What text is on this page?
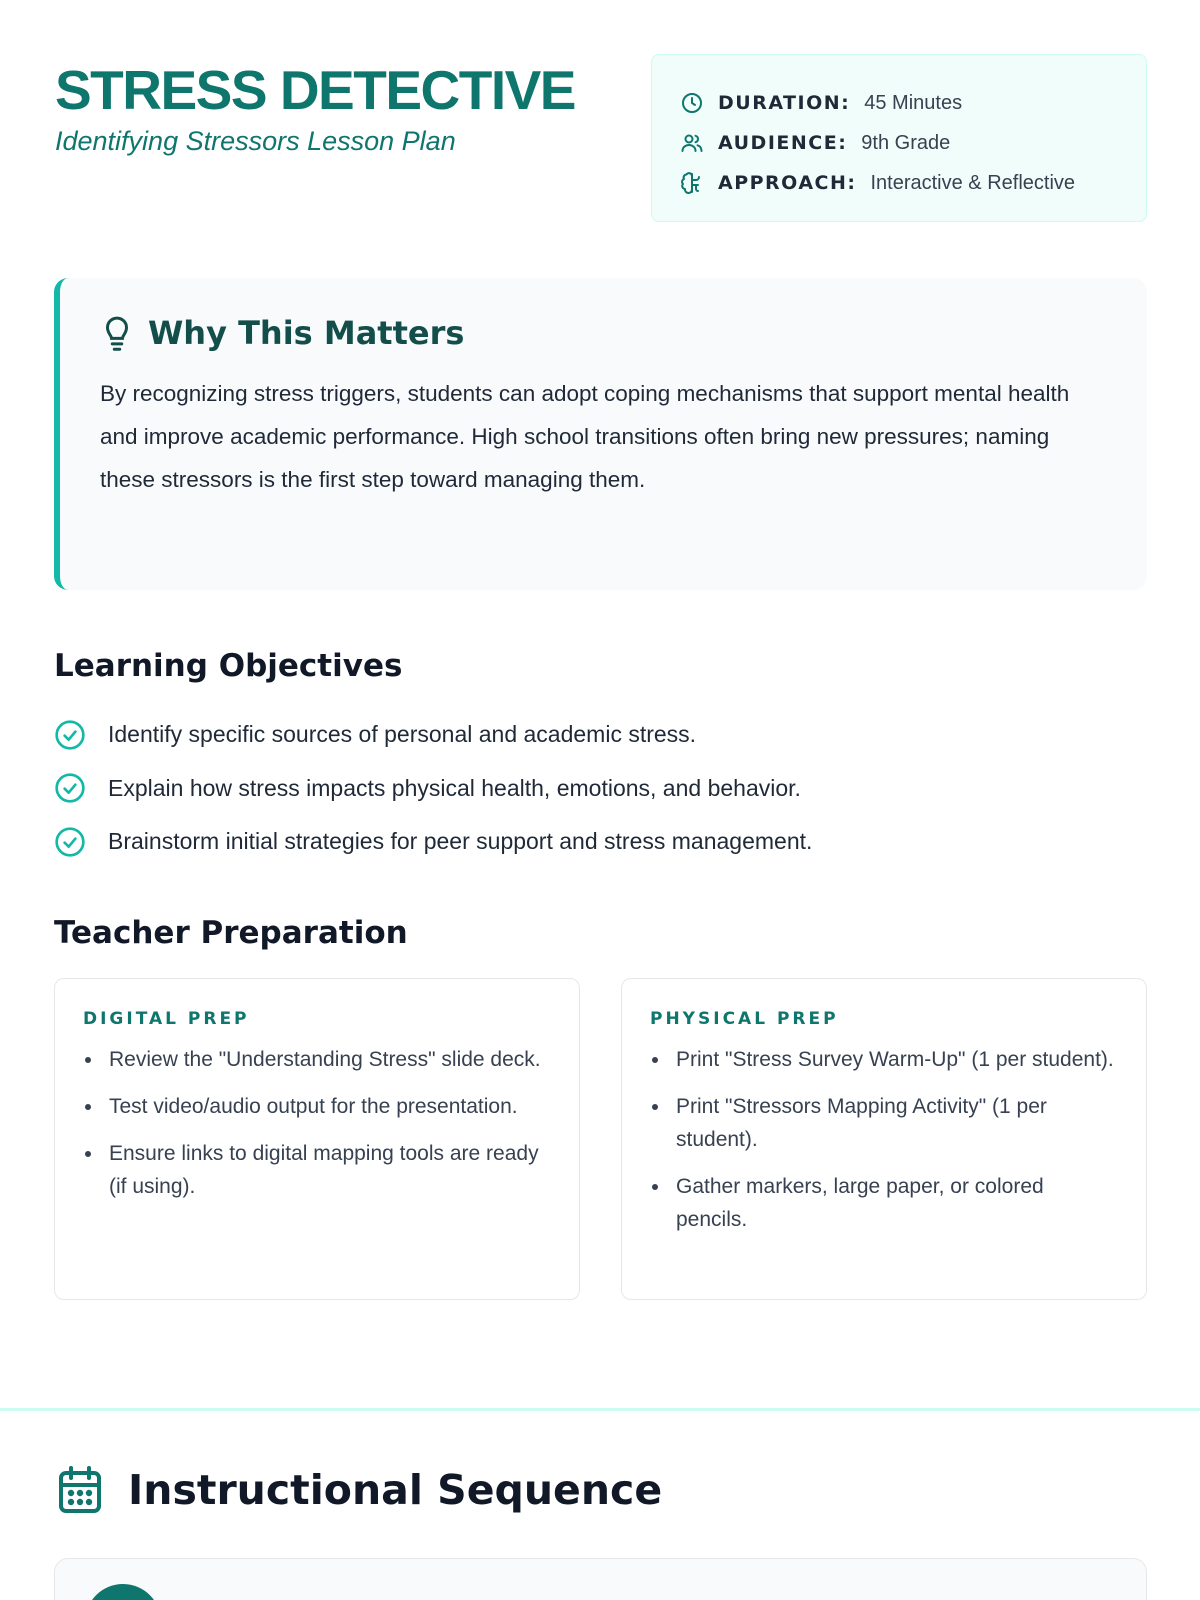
STRESS DETECTIVE
Identifying Stressors Lesson Plan
DURATION: 45 Minutes
AUDIENCE: 9th Grade
APPROACH: Interactive & Reflective
Why This Matters

By recognizing stress triggers, students can adopt coping mechanisms that support mental health and improve academic performance. High school transitions often bring new pressures; naming these stressors is the first step toward managing them.

Learning Objectives
Identify specific sources of personal and academic stress.
Explain how stress impacts physical health, emotions, and behavior.
Brainstorm initial strategies for peer support and stress management.
Teacher Preparation
DIGITAL PREP
Review the "Understanding Stress" slide deck.
Test video/audio output for the presentation.
Ensure links to digital mapping tools are ready (if using).
PHYSICAL PREP
Print "Stress Survey Warm-Up" (1 per student).
Print "Stressors Mapping Activity" (1 per student).
Gather markers, large paper, or colored pencils.
Instructional Sequence
